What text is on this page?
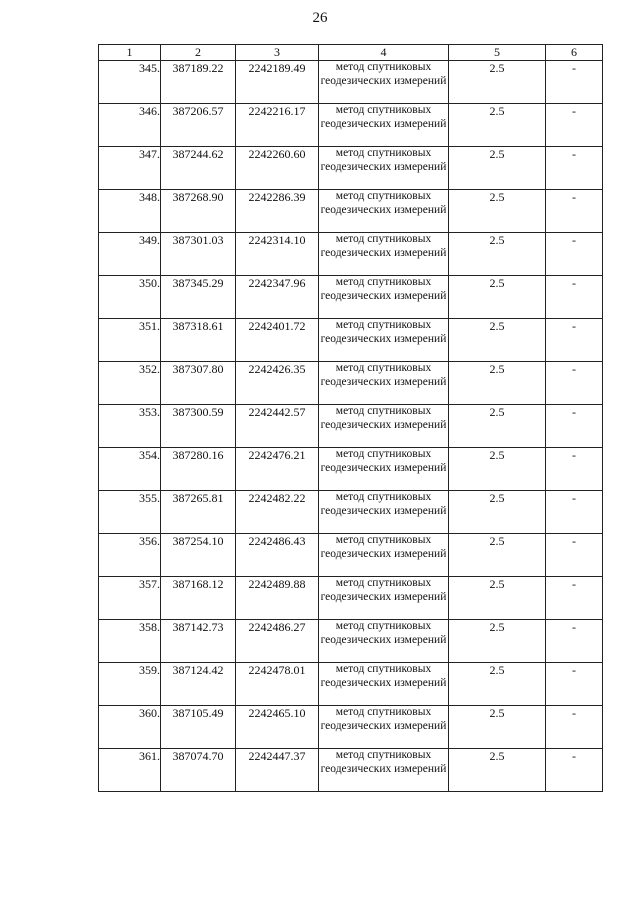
26
1	2	3	4	5	6
345.	387189.22	2242189.49	метод спутниковых геодезических измерений	2.5	-
346.	387206.57	2242216.17	метод спутниковых геодезических измерений	2.5	-
347.	387244.62	2242260.60	метод спутниковых геодезических измерений	2.5	-
348.	387268.90	2242286.39	метод спутниковых геодезических измерений	2.5	-
349.	387301.03	2242314.10	метод спутниковых геодезических измерений	2.5	-
350.	387345.29	2242347.96	метод спутниковых геодезических измерений	2.5	-
351.	387318.61	2242401.72	метод спутниковых геодезических измерений	2.5	-
352.	387307.80	2242426.35	метод спутниковых геодезических измерений	2.5	-
353.	387300.59	2242442.57	метод спутниковых геодезических измерений	2.5	-
354.	387280.16	2242476.21	метод спутниковых геодезических измерений	2.5	-
355.	387265.81	2242482.22	метод спутниковых геодезических измерений	2.5	-
356.	387254.10	2242486.43	метод спутниковых геодезических измерений	2.5	-
357.	387168.12	2242489.88	метод спутниковых геодезических измерений	2.5	-
358.	387142.73	2242486.27	метод спутниковых геодезических измерений	2.5	-
359.	387124.42	2242478.01	метод спутниковых геодезических измерений	2.5	-
360.	387105.49	2242465.10	метод спутниковых геодезических измерений	2.5	-
361.	387074.70	2242447.37	метод спутниковых геодезических измерений	2.5	-
